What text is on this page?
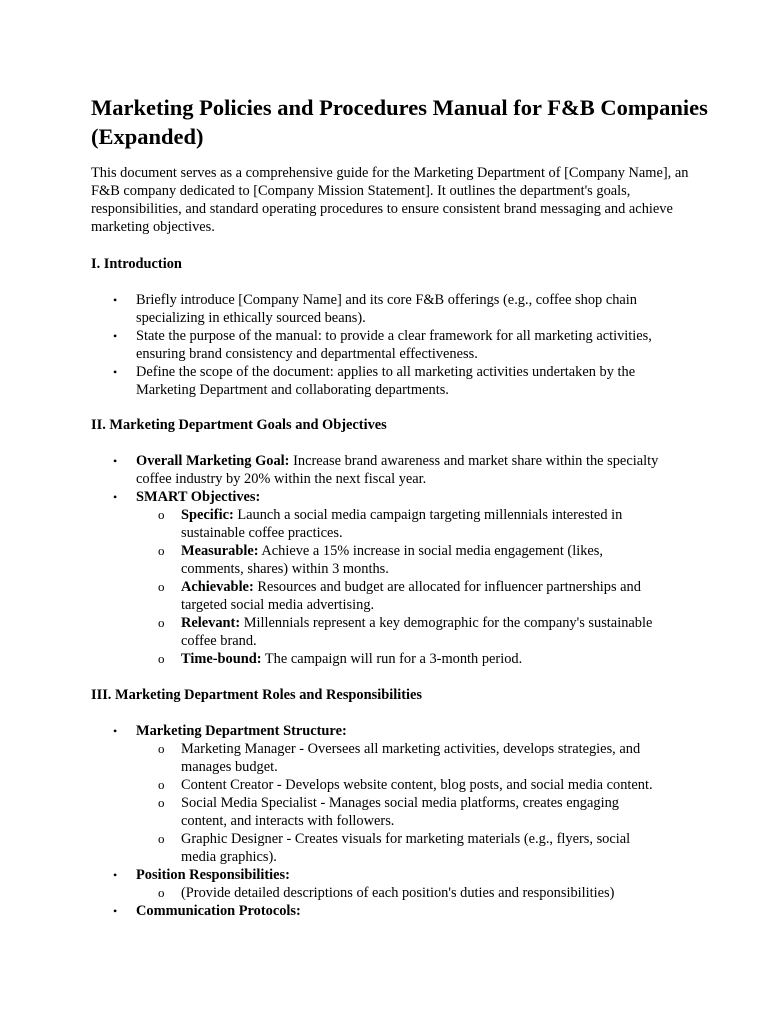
Marketing Policies and Procedures Manual for F&B Companies (Expanded)

This document serves as a comprehensive guide for the Marketing Department of [Company Name], an F&B company dedicated to [Company Mission Statement]. It outlines the department's goals, responsibilities, and standard operating procedures to ensure consistent brand messaging and achieve marketing objectives.

I. Introduction
• Briefly introduce [Company Name] and its core F&B offerings (e.g., coffee shop chain specializing in ethically sourced beans).
• State the purpose of the manual: to provide a clear framework for all marketing activities, ensuring brand consistency and departmental effectiveness.
• Define the scope of the document: applies to all marketing activities undertaken by the Marketing Department and collaborating departments.
II. Marketing Department Goals and Objectives
• Overall Marketing Goal: Increase brand awareness and market share within the specialty coffee industry by 20% within the next fiscal year.
• SMART Objectives:
o Specific: Launch a social media campaign targeting millennials interested in sustainable coffee practices.
o Measurable: Achieve a 15% increase in social media engagement (likes, comments, shares) within 3 months.
o Achievable: Resources and budget are allocated for influencer partnerships and targeted social media advertising.
o Relevant: Millennials represent a key demographic for the company's sustainable coffee brand.
o Time-bound: The campaign will run for a 3-month period.
III. Marketing Department Roles and Responsibilities
• Marketing Department Structure:
o Marketing Manager - Oversees all marketing activities, develops strategies, and manages budget.
o Content Creator - Develops website content, blog posts, and social media content.
o Social Media Specialist - Manages social media platforms, creates engaging content, and interacts with followers.
o Graphic Designer - Creates visuals for marketing materials (e.g., flyers, social media graphics).
• Position Responsibilities:
o (Provide detailed descriptions of each position's duties and responsibilities)
• Communication Protocols:
